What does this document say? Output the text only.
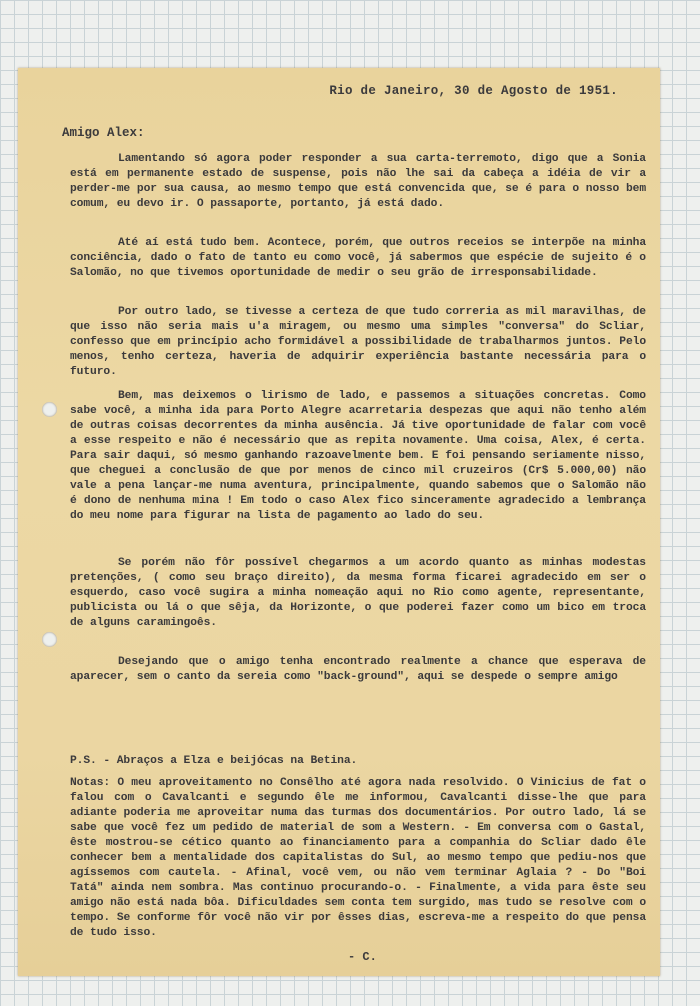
Rio de Janeiro, 30 de Agosto de 1951.
Amigo Alex:

Lamentando só agora poder responder a sua carta-terremoto, digo que a Sonia está em permanente estado de suspense, pois não lhe sai da cabeça a idéia de vir a perder-me por sua causa, ao mesmo tempo que está convencida que, se é para o nosso bem comum, eu devo ir. O passaporte, portanto, já está dado.

Até aí está tudo bem. Acontece, porém, que outros receios se interpõe na minha conciência, dado o fato de tanto eu como você, já sabermos que espécie de sujeito é o Salomão, no que tivemos oportunidade de medir o seu grão de irresponsabilidade.

Por outro lado, se tivesse a certeza de que tudo correria as mil maravilhas, de que isso não seria mais u'a miragem, ou mesmo uma simples "conversa" do Scliar, confesso que em princípio acho formidável a possibilidade de trabalharmos juntos. Pelo menos, tenho certeza, haveria de adquirir experiência bastante necessária para o futuro.

Bem, mas deixemos o lirismo de lado, e passemos a situações concretas. Como sabe você, a minha ida para Porto Alegre acarretaria despezas que aqui não tenho além de outras coisas decorrentes da minha ausência. Já tive oportunidade de falar com você a esse respeito e não é necessário que as repita novamente. Uma coisa, Alex, é certa. Para sair daqui, só mesmo ganhando razoavelmente bem. E foi pensando seriamente nisso, que cheguei a conclusão de que por menos de cinco mil cruzeiros (Cr$ 5.000,00) não vale a pena lançar-me numa aventura, principalmente, quando sabemos que o Salomão não é dono de nenhuma mina ! Em todo o caso Alex fico sinceramente agradecido a lembrança do meu nome para figurar na lista de pagamento ao lado do seu.

Se porém não fôr possível chegarmos a um acordo quanto as minhas modestas pretenções, ( como seu braço direito), da mesma forma ficarei agradecido em ser o esquerdo, caso você sugira a minha nomeação aqui no Rio como agente, representante, publicista ou lá o que sêja, da Horizonte, o que poderei fazer como um bico em troca de alguns caramingoês.

Desejando que o amigo tenha encontrado realmente a chance que esperava de aparecer, sem o canto da sereia como "back-ground", aqui se despede o sempre amigo

P.S. - Abraços a Elza e beijócas na Betina.

Notas: O meu aproveitamento no Consêlho até agora nada resolvido. O Vinicius de fat o falou com o Cavalcanti e segundo êle me informou, Cavalcanti disse-lhe que para adiante poderia me aproveitar numa das turmas dos documentários. Por outro lado, lá se sabe que você fez um pedido de material de som a Western. - Em conversa com o Gastal, êste mostrou-se cético quanto ao financiamento para a companhia do Scliar dado êle conhecer bem a mentalidade dos capitalistas do Sul, ao mesmo tempo que pediu-nos que agíssemos com cautela. - Afinal, você vem, ou não vem terminar Aglaia ? - Do "Boi Tatá" ainda nem sombra. Mas continuo procurando-o. - Finalmente, a vida para êste seu amigo não está nada bôa. Dificuldades sem conta tem surgido, mas tudo se resolve com o tempo. Se conforme fôr você não vir por êsses dias, escreva-me a respeito do que pensa de tudo isso.

- C.
